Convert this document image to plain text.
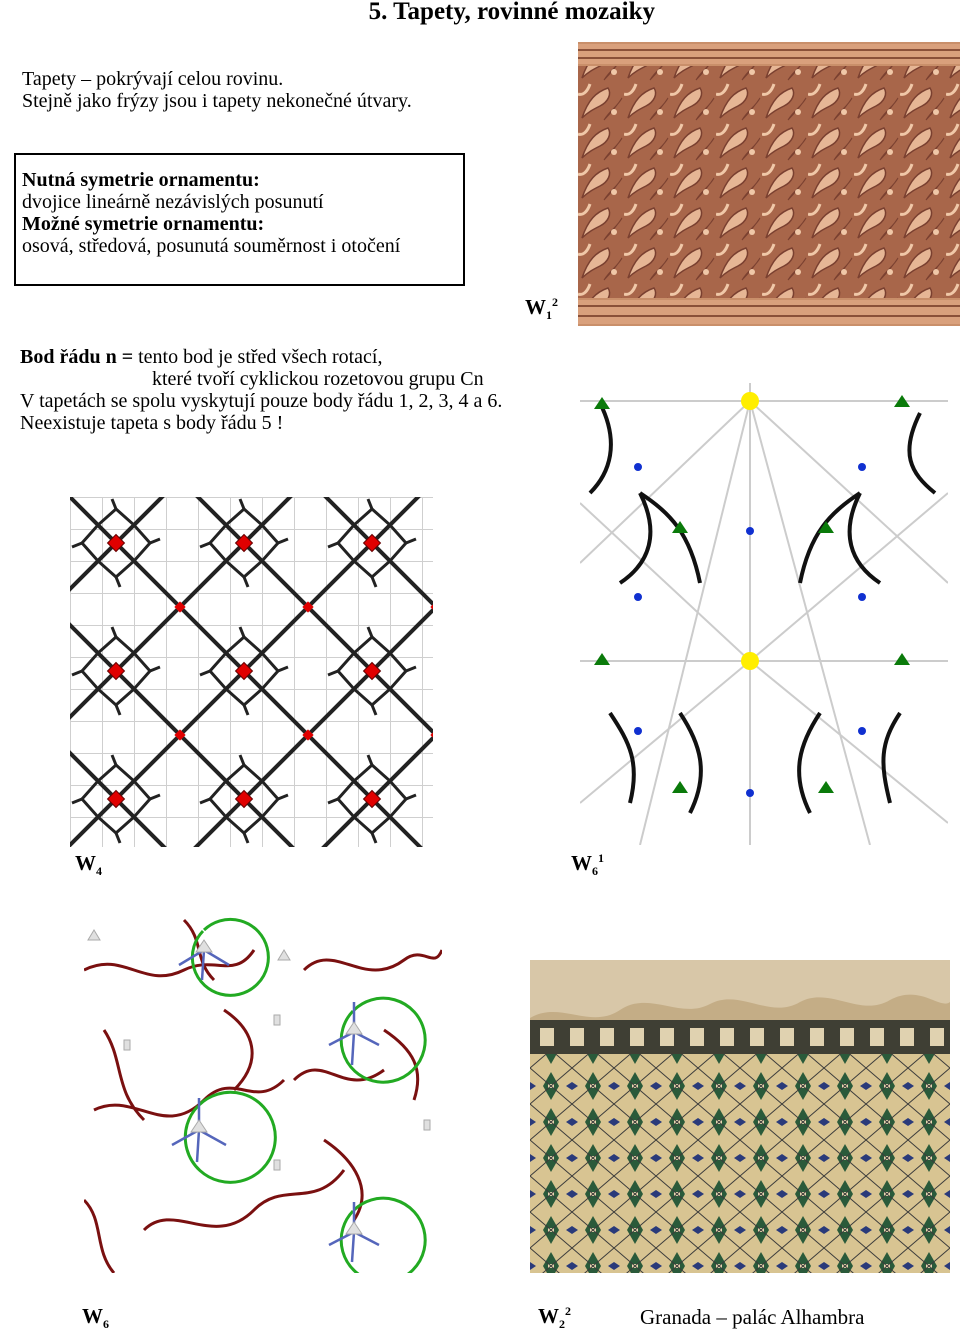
5. Tapety, rovinné mozaiky
Tapety – pokrývají celou rovinu.
Stejně jako frýzy jsou i tapety nekonečné útvary.
Nutná symetrie ornamentu:
dvojice lineárně nezávislých posunutí
Možné symetrie ornamentu:
osová, středová, posunutá souměrnost i otočení
Bod řádu n = tento bod je střed všech rotací,
které tvoří cyklickou rozetovou grupu Cn
V tapetách se spolu vyskytují pouze body řádu 1, 2, 3, 4 a 6.
Neexistuje tapeta s body řádu 5 !
$W_1^2$
$W_4$	$W_6^1$
$W_6$	$W_2^2$	Granada – palác Alhambra
